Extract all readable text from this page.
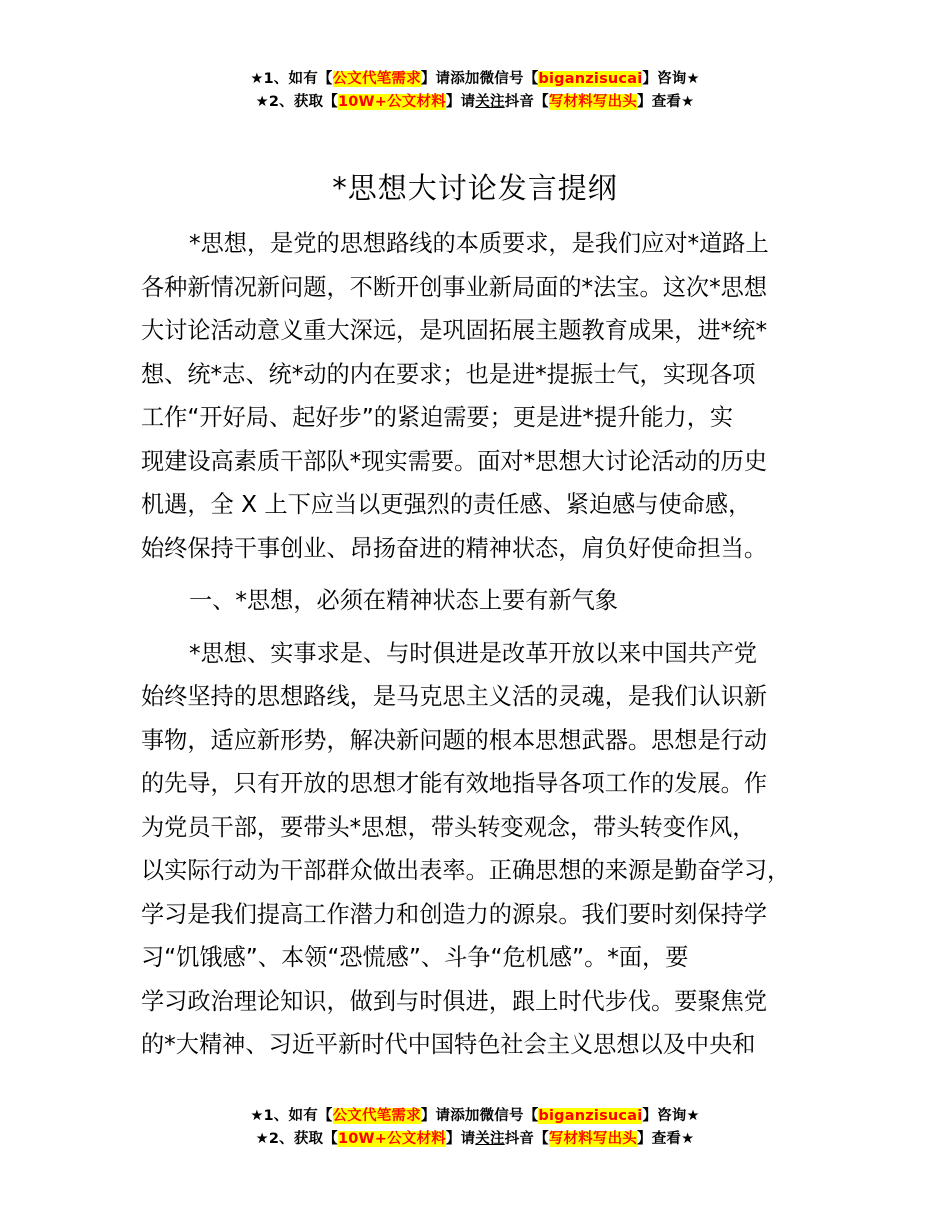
★1、如有【公文代笔需求】请添加微信号【biganzisucai】咨询★
★2、获取【10W+公文材料】请关注抖音【写材料写出头】查看★
*思想大讨论发言提纲

*思想，是党的思想路线的本质要求，是我们应对*道路上
各种新情况新问题，不断开创事业新局面的*法宝。这次*思想
大讨论活动意义重大深远，是巩固拓展主题教育成果，进*统*
想、统*志、统*动的内在要求；也是进*提振士气，实现各项
工作“开好局、起好步”的紧迫需要；更是进*提升能力，实
现建设高素质干部队*现实需要。面对*思想大讨论活动的历史
机遇，全 X 上下应当以更强烈的责任感、紧迫感与使命感，
始终保持干事创业、昂扬奋进的精神状态，肩负好使命担当。

一、*思想，必须在精神状态上要有新气象

*思想、实事求是、与时俱进是改革开放以来中国共产党
始终坚持的思想路线，是马克思主义活的灵魂，是我们认识新
事物，适应新形势，解决新问题的根本思想武器。思想是行动
的先导，只有开放的思想才能有效地指导各项工作的发展。作
为党员干部，要带头*思想，带头转变观念，带头转变作风，
以实际行动为干部群众做出表率。正确思想的来源是勤奋学习，
学习是我们提高工作潜力和创造力的源泉。我们要时刻保持学
习“饥饿感”、本领“恐慌感”、斗争“危机感”。*面，要
学习政治理论知识，做到与时俱进，跟上时代步伐。要聚焦党
的*大精神、习近平新时代中国特色社会主义思想以及中央和

★1、如有【公文代笔需求】请添加微信号【biganzisucai】咨询★
★2、获取【10W+公文材料】请关注抖音【写材料写出头】查看★
